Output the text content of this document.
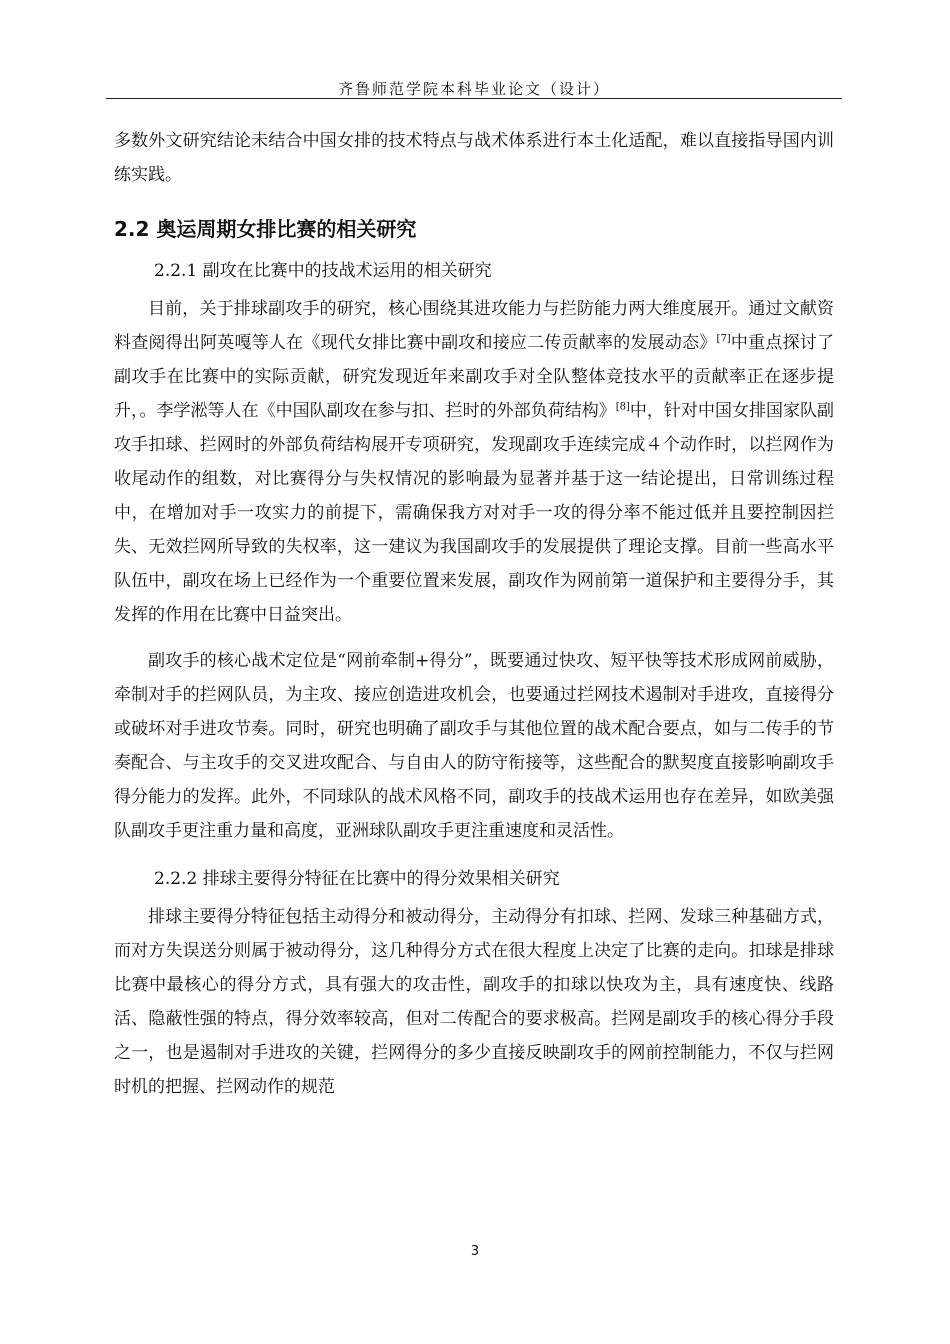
齐鲁师范学院本科毕业论文（设计）

多数外文研究结论未结合中国女排的技术特点与战术体系进行本土化适配，难以直接指导国内训练实践。

2.2 奥运周期女排比赛的相关研究
2.2.1 副攻在比赛中的技战术运用的相关研究

目前，关于排球副攻手的研究，核心围绕其进攻能力与拦防能力两大维度展开。通过文献资料查阅得出阿英嘎等人在《现代女排比赛中副攻和接应二传贡献率的发展动态》[7]中重点探讨了副攻手在比赛中的实际贡献，研究发现近年来副攻手对全队整体竞技水平的贡献率正在逐步提升，。李学淞等人在《中国队副攻在参与扣、拦时的外部负荷结构》[8]中，针对中国女排国家队副攻手扣球、拦网时的外部负荷结构展开专项研究，发现副攻手连续完成４个动作时，以拦网作为收尾动作的组数，对比赛得分与失权情况的影响最为显著并基于这一结论提出，日常训练过程中，在增加对手一攻实力的前提下，需确保我方对对手一攻的得分率不能过低并且要控制因拦失、无效拦网所导致的失权率，这一建议为我国副攻手的发展提供了理论支撑。目前一些高水平队伍中，副攻在场上已经作为一个重要位置来发展，副攻作为网前第一道保护和主要得分手，其发挥的作用在比赛中日益突出。

副攻手的核心战术定位是“网前牵制+得分”，既要通过快攻、短平快等技术形成网前威胁，牵制对手的拦网队员，为主攻、接应创造进攻机会，也要通过拦网技术遏制对手进攻，直接得分或破坏对手进攻节奏。同时，研究也明确了副攻手与其他位置的战术配合要点，如与二传手的节奏配合、与主攻手的交叉进攻配合、与自由人的防守衔接等，这些配合的默契度直接影响副攻手得分能力的发挥。此外，不同球队的战术风格不同，副攻手的技战术运用也存在差异，如欧美强队副攻手更注重力量和高度，亚洲球队副攻手更注重速度和灵活性。

2.2.2 排球主要得分特征在比赛中的得分效果相关研究

排球主要得分特征包括主动得分和被动得分，主动得分有扣球、拦网、发球三种基础方式，而对方失误送分则属于被动得分，这几种得分方式在很大程度上决定了比赛的走向。扣球是排球比赛中最核心的得分方式，具有强大的攻击性，副攻手的扣球以快攻为主，具有速度快、线路活、隐蔽性强的特点，得分效率较高，但对二传配合的要求极高。拦网是副攻手的核心得分手段之一，也是遏制对手进攻的关键，拦网得分的多少直接反映副攻手的网前控制能力，不仅与拦网时机的把握、拦网动作的规范

3
